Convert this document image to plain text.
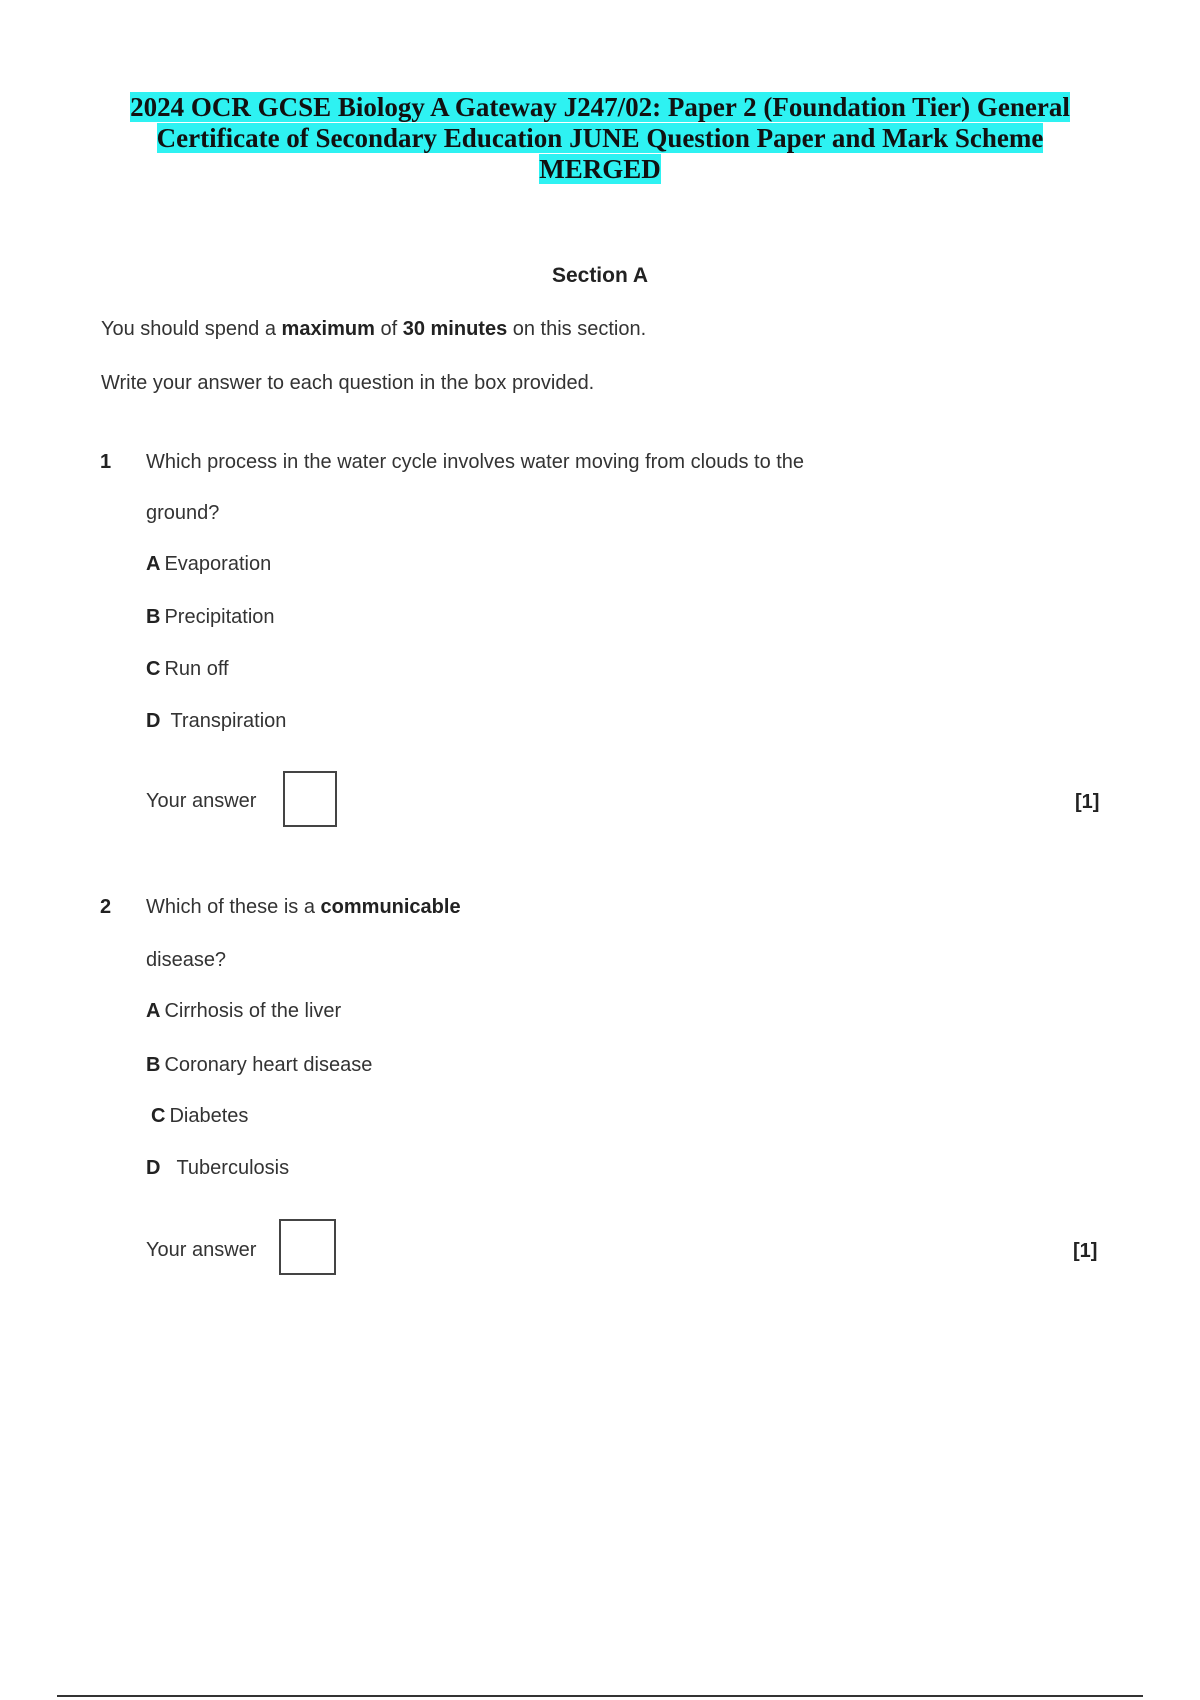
2024 OCR GCSE Biology A Gateway J247/02: Paper 2 (Foundation Tier) General
Certificate of Secondary Education JUNE Question Paper and Mark Scheme
MERGED
Section A
You should spend a maximum of 30 minutes on this section.
Write your answer to each question in the box provided.
1 Which process in the water cycle involves water moving from clouds to the
ground?
A Evaporation
B Precipitation
C Run off
D Transpiration
Your answer	[1]
2 Which of these is a communicable
disease?
A Cirrhosis of the liver
B Coronary heart disease
C Diabetes
D Tuberculosis
Your answer	[1]
